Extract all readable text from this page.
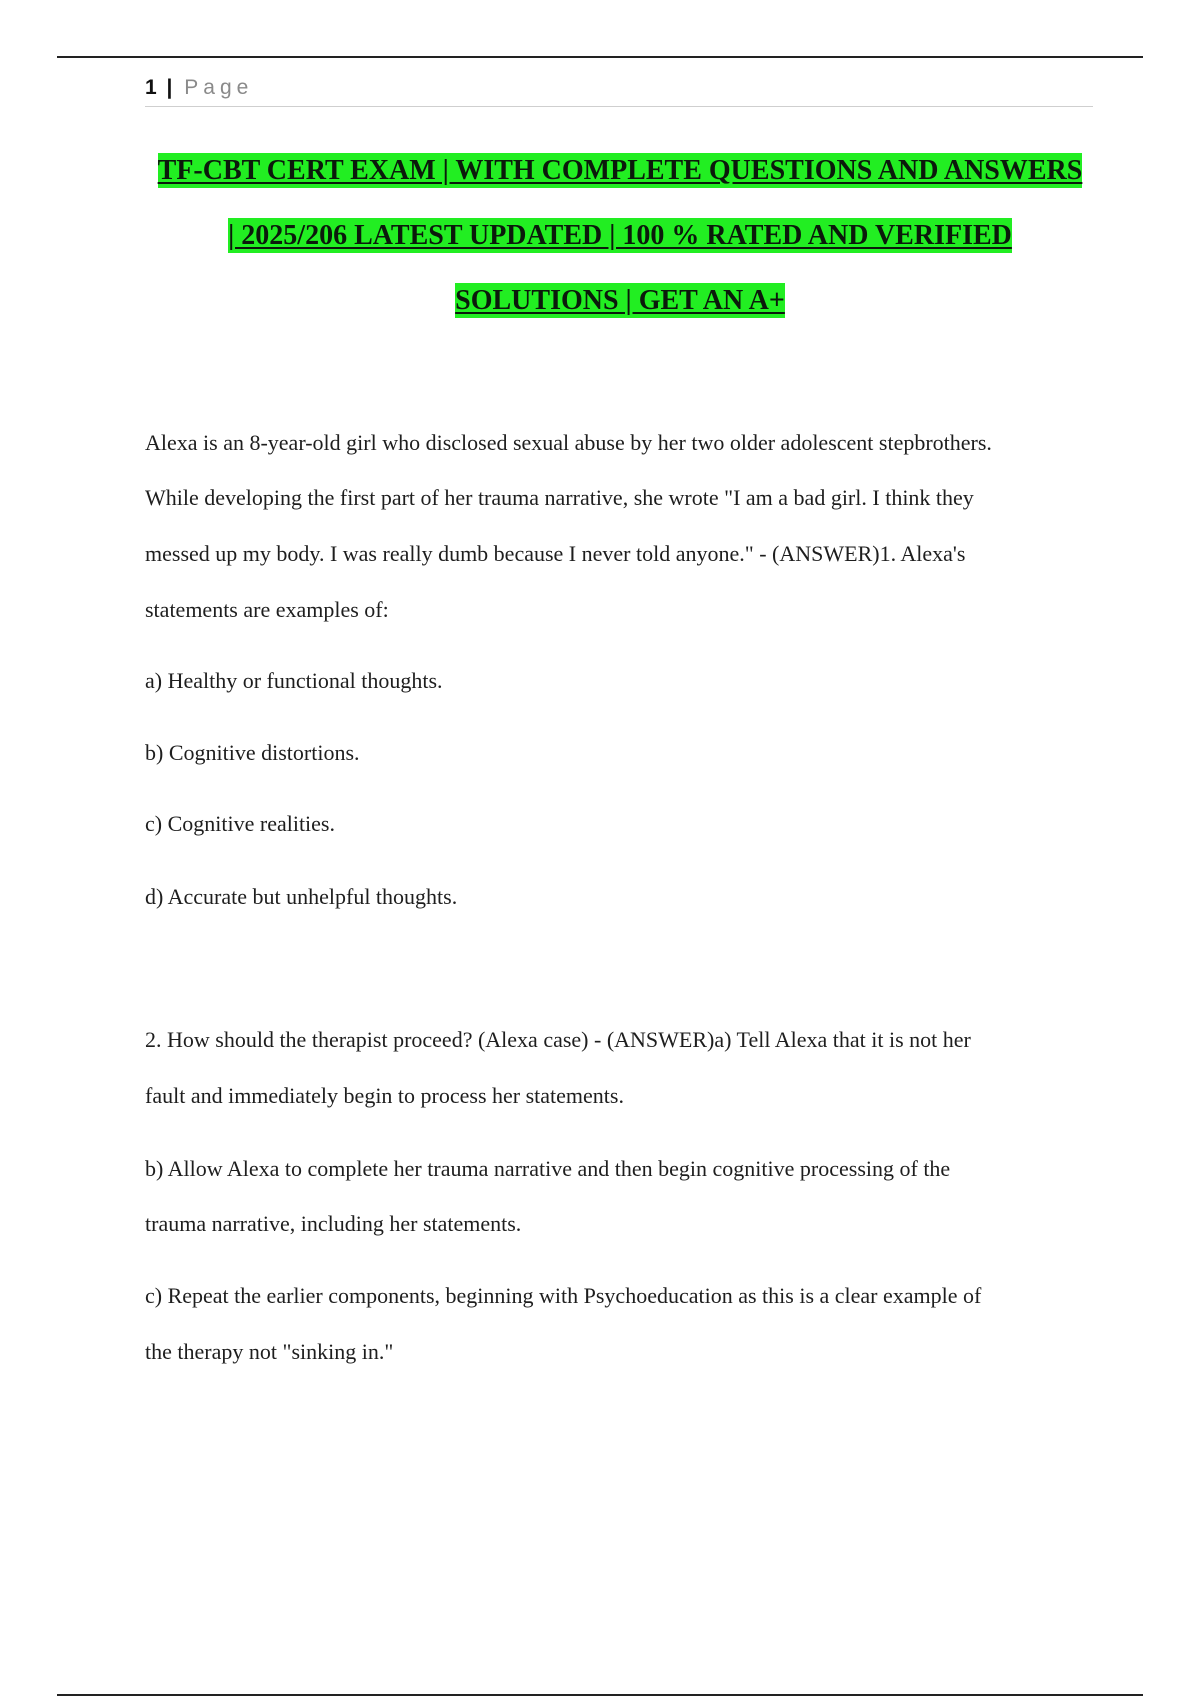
1 | Page
TF-CBT CERT EXAM | WITH COMPLETE QUESTIONS AND ANSWERS
| 2025/206 LATEST UPDATED | 100 % RATED AND VERIFIED
SOLUTIONS | GET AN A+
Alexa is an 8-year-old girl who disclosed sexual abuse by her two older adolescent stepbrothers.
While developing the first part of her trauma narrative, she wrote "I am a bad girl. I think they
messed up my body. I was really dumb because I never told anyone." - (ANSWER)1. Alexa's
statements are examples of:
a) Healthy or functional thoughts.
b) Cognitive distortions.
c) Cognitive realities.
d) Accurate but unhelpful thoughts.
2. How should the therapist proceed? (Alexa case) - (ANSWER)a) Tell Alexa that it is not her
fault and immediately begin to process her statements.
b) Allow Alexa to complete her trauma narrative and then begin cognitive processing of the
trauma narrative, including her statements.
c) Repeat the earlier components, beginning with Psychoeducation as this is a clear example of
the therapy not "sinking in."
